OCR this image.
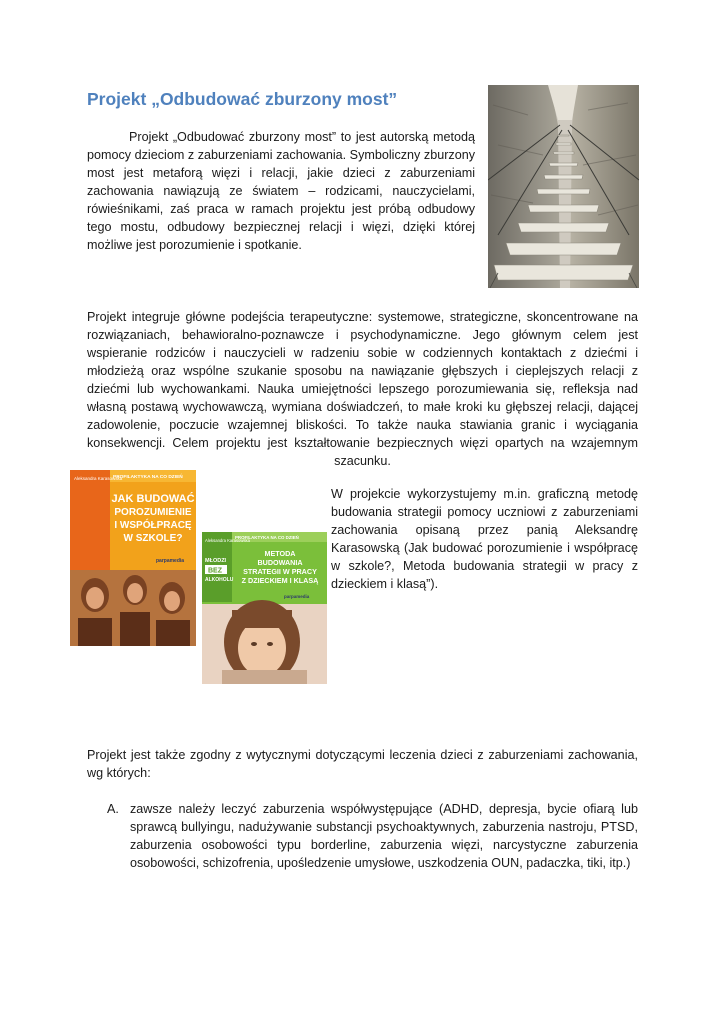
Projekt „Odbudować zburzony most”

Projekt „Odbudować zburzony most” to jest autorską metodą pomocy dzieciom z zaburzeniami zachowania. Symboliczny zburzony most jest metaforą więzi i relacji, jakie dzieci z zaburzeniami zachowania nawiązują ze światem – rodzicami, nauczycielami, rówieśnikami, zaś praca w ramach projektu jest próbą odbudowy tego mostu, odbudowy bezpiecznej relacji i więzi, dzięki której możliwe jest porozumienie i spotkanie.

Projekt integruje główne podejścia terapeutyczne: systemowe, strategiczne, skoncentrowane na rozwiązaniach, behawioralno-poznawcze i psychodynamiczne. Jego głównym celem jest wspieranie rodziców i nauczycieli w radzeniu sobie w codziennych kontaktach z dziećmi i młodzieżą oraz wspólne szukanie sposobu na nawiązanie głębszych i cieplejszych relacji z dziećmi lub wychowankami. Nauka umiejętności lepszego porozumiewania się, refleksja nad własną postawą wychowawczą, wymiana doświadczeń, to małe kroki ku głębszej relacji, dającej zadowolenie, poczucie wzajemnej bliskości. To także nauka stawiania granic i wyciągania konsekwencji. Celem projektu jest kształtowanie bezpiecznych więzi opartych na wzajemnym szacunku.

Aleksandra Karasowska
PROFILAKTYKA NA CO DZIEŃ
JAK BUDOWAĆ
POROZUMIENIE
I WSPÓŁPRACĘ
W SZKOLE?
parpamedia
Aleksandra Karasowska
PROFILAKTYKA NA CO DZIEŃ
MŁODZI
BEZ
ALKOHOLU
METODA
BUDOWANIA
STRATEGII W PRACY
Z DZIECKIEM I KLASĄ
parpamedia

W projekcie wykorzystujemy m.in. graficzną metodę budowania strategii pomocy uczniowi z zaburzeniami zachowania opisaną przez panią Aleksandrę Karasowską (Jak budować porozumienie i współpracę w szkole?, Metoda budowania strategii w pracy z dzieckiem i klasą”).

Projekt jest także zgodny z wytycznymi dotyczącymi leczenia dzieci z zaburzeniami zachowania, wg których:

A. zawsze należy leczyć zaburzenia współwystępujące (ADHD, depresja, bycie ofiarą lub sprawcą bullyingu, nadużywanie substancji psychoaktywnych, zaburzenia nastroju, PTSD, zaburzenia osobowości typu borderline, zaburzenia więzi, narcystyczne zaburzenia osobowości, schizofrenia, upośledzenie umysłowe, uszkodzenia OUN, padaczka, tiki, itp.)
